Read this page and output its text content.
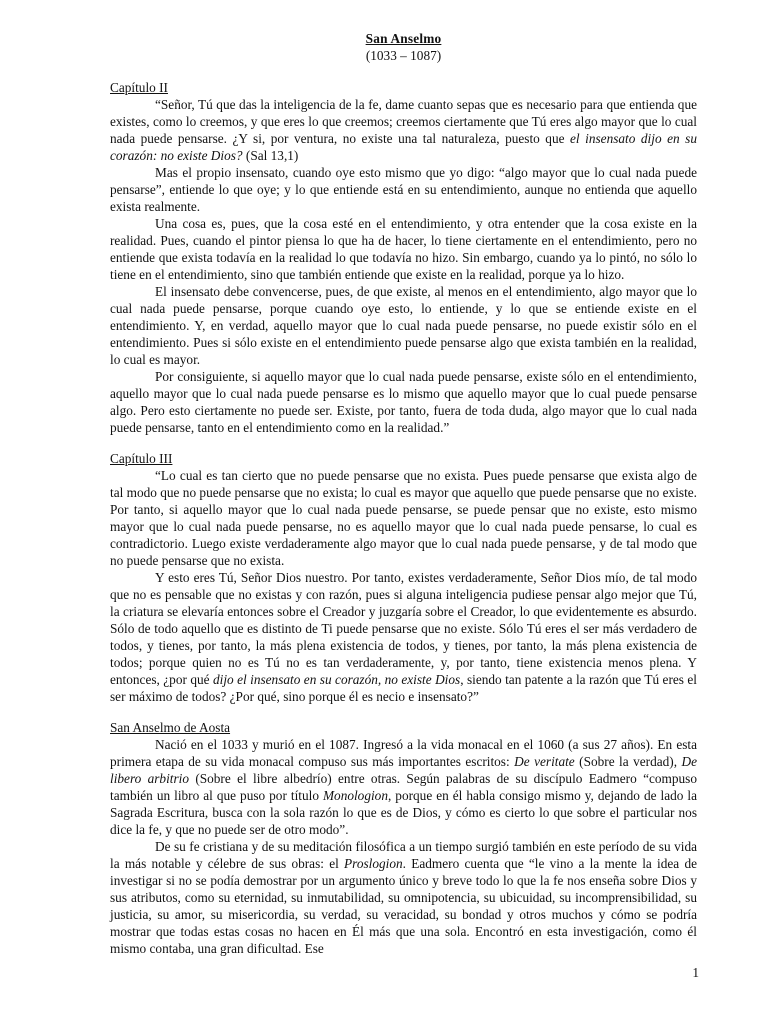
San Anselmo
(1033 – 1087)
Capítulo II

“Señor, Tú que das la inteligencia de la fe, dame cuanto sepas que es necesario para que entienda que existes, como lo creemos, y que eres lo que creemos; creemos ciertamente que Tú eres algo mayor que lo cual nada puede pensarse. ¿Y si, por ventura, no existe una tal naturaleza, puesto que el insensato dijo en su corazón: no existe Dios? (Sal 13,1)

Mas el propio insensato, cuando oye esto mismo que yo digo: “algo mayor que lo cual nada puede pensarse”, entiende lo que oye; y lo que entiende está en su entendimiento, aunque no entienda que aquello exista realmente.

Una cosa es, pues, que la cosa esté en el entendimiento, y otra entender que la cosa existe en la realidad. Pues, cuando el pintor piensa lo que ha de hacer, lo tiene ciertamente en el entendimiento, pero no entiende que exista todavía en la realidad lo que todavía no hizo. Sin embargo, cuando ya lo pintó, no sólo lo tiene en el entendimiento, sino que también entiende que existe en la realidad, porque ya lo hizo.

El insensato debe convencerse, pues, de que existe, al menos en el entendimiento, algo mayor que lo cual nada puede pensarse, porque cuando oye esto, lo entiende, y lo que se entiende existe en el entendimiento. Y, en verdad, aquello mayor que lo cual nada puede pensarse, no puede existir sólo en el entendimiento. Pues si sólo existe en el entendimiento puede pensarse algo que exista también en la realidad, lo cual es mayor.

Por consiguiente, si aquello mayor que lo cual nada puede pensarse, existe sólo en el entendimiento, aquello mayor que lo cual nada puede pensarse es lo mismo que aquello mayor que lo cual puede pensarse algo. Pero esto ciertamente no puede ser. Existe, por tanto, fuera de toda duda, algo mayor que lo cual nada puede pensarse, tanto en el entendimiento como en la realidad.”

Capítulo III

“Lo cual es tan cierto que no puede pensarse que no exista. Pues puede pensarse que exista algo de tal modo que no puede pensarse que no exista; lo cual es mayor que aquello que puede pensarse que no existe. Por tanto, si aquello mayor que lo cual nada puede pensarse, se puede pensar que no existe, esto mismo mayor que lo cual nada puede pensarse, no es aquello mayor que lo cual nada puede pensarse, lo cual es contradictorio. Luego existe verdaderamente algo mayor que lo cual nada puede pensarse, y de tal modo que no puede pensarse que no exista.

Y esto eres Tú, Señor Dios nuestro. Por tanto, existes verdaderamente, Señor Dios mío, de tal modo que no es pensable que no existas y con razón, pues si alguna inteligencia pudiese pensar algo mejor que Tú, la criatura se elevaría entonces sobre el Creador y juzgaría sobre el Creador, lo que evidentemente es absurdo. Sólo de todo aquello que es distinto de Ti puede pensarse que no existe. Sólo Tú eres el ser más verdadero de todos, y tienes, por tanto, la más plena existencia de todos, y tienes, por tanto, la más plena existencia de todos; porque quien no es Tú no es tan verdaderamente, y, por tanto, tiene existencia menos plena. Y entonces, ¿por qué dijo el insensato en su corazón, no existe Dios, siendo tan patente a la razón que Tú eres el ser máximo de todos? ¿Por qué, sino porque él es necio e insensato?”

San Anselmo de Aosta

Nació en el 1033 y murió en el 1087. Ingresó a la vida monacal en el 1060 (a sus 27 años). En esta primera etapa de su vida monacal compuso sus más importantes escritos: De veritate (Sobre la verdad), De libero arbitrio (Sobre el libre albedrío) entre otras. Según palabras de su discípulo Eadmero “compuso también un libro al que puso por título Monologion, porque en él habla consigo mismo y, dejando de lado la Sagrada Escritura, busca con la sola razón lo que es de Dios, y cómo es cierto lo que sobre el particular nos dice la fe, y que no puede ser de otro modo”.

De su fe cristiana y de su meditación filosófica a un tiempo surgió también en este período de su vida la más notable y célebre de sus obras: el Proslogion. Eadmero cuenta que “le vino a la mente la idea de investigar si no se podía demostrar por un argumento único y breve todo lo que la fe nos enseña sobre Dios y sus atributos, como su eternidad, su inmutabilidad, su omnipotencia, su ubicuidad, su incomprensibilidad, su justicia, su amor, su misericordia, su verdad, su veracidad, su bondad y otros muchos y cómo se podría mostrar que todas estas cosas no hacen en Él más que una sola. Encontró en esta investigación, como él mismo contaba, una gran dificultad. Ese

1
